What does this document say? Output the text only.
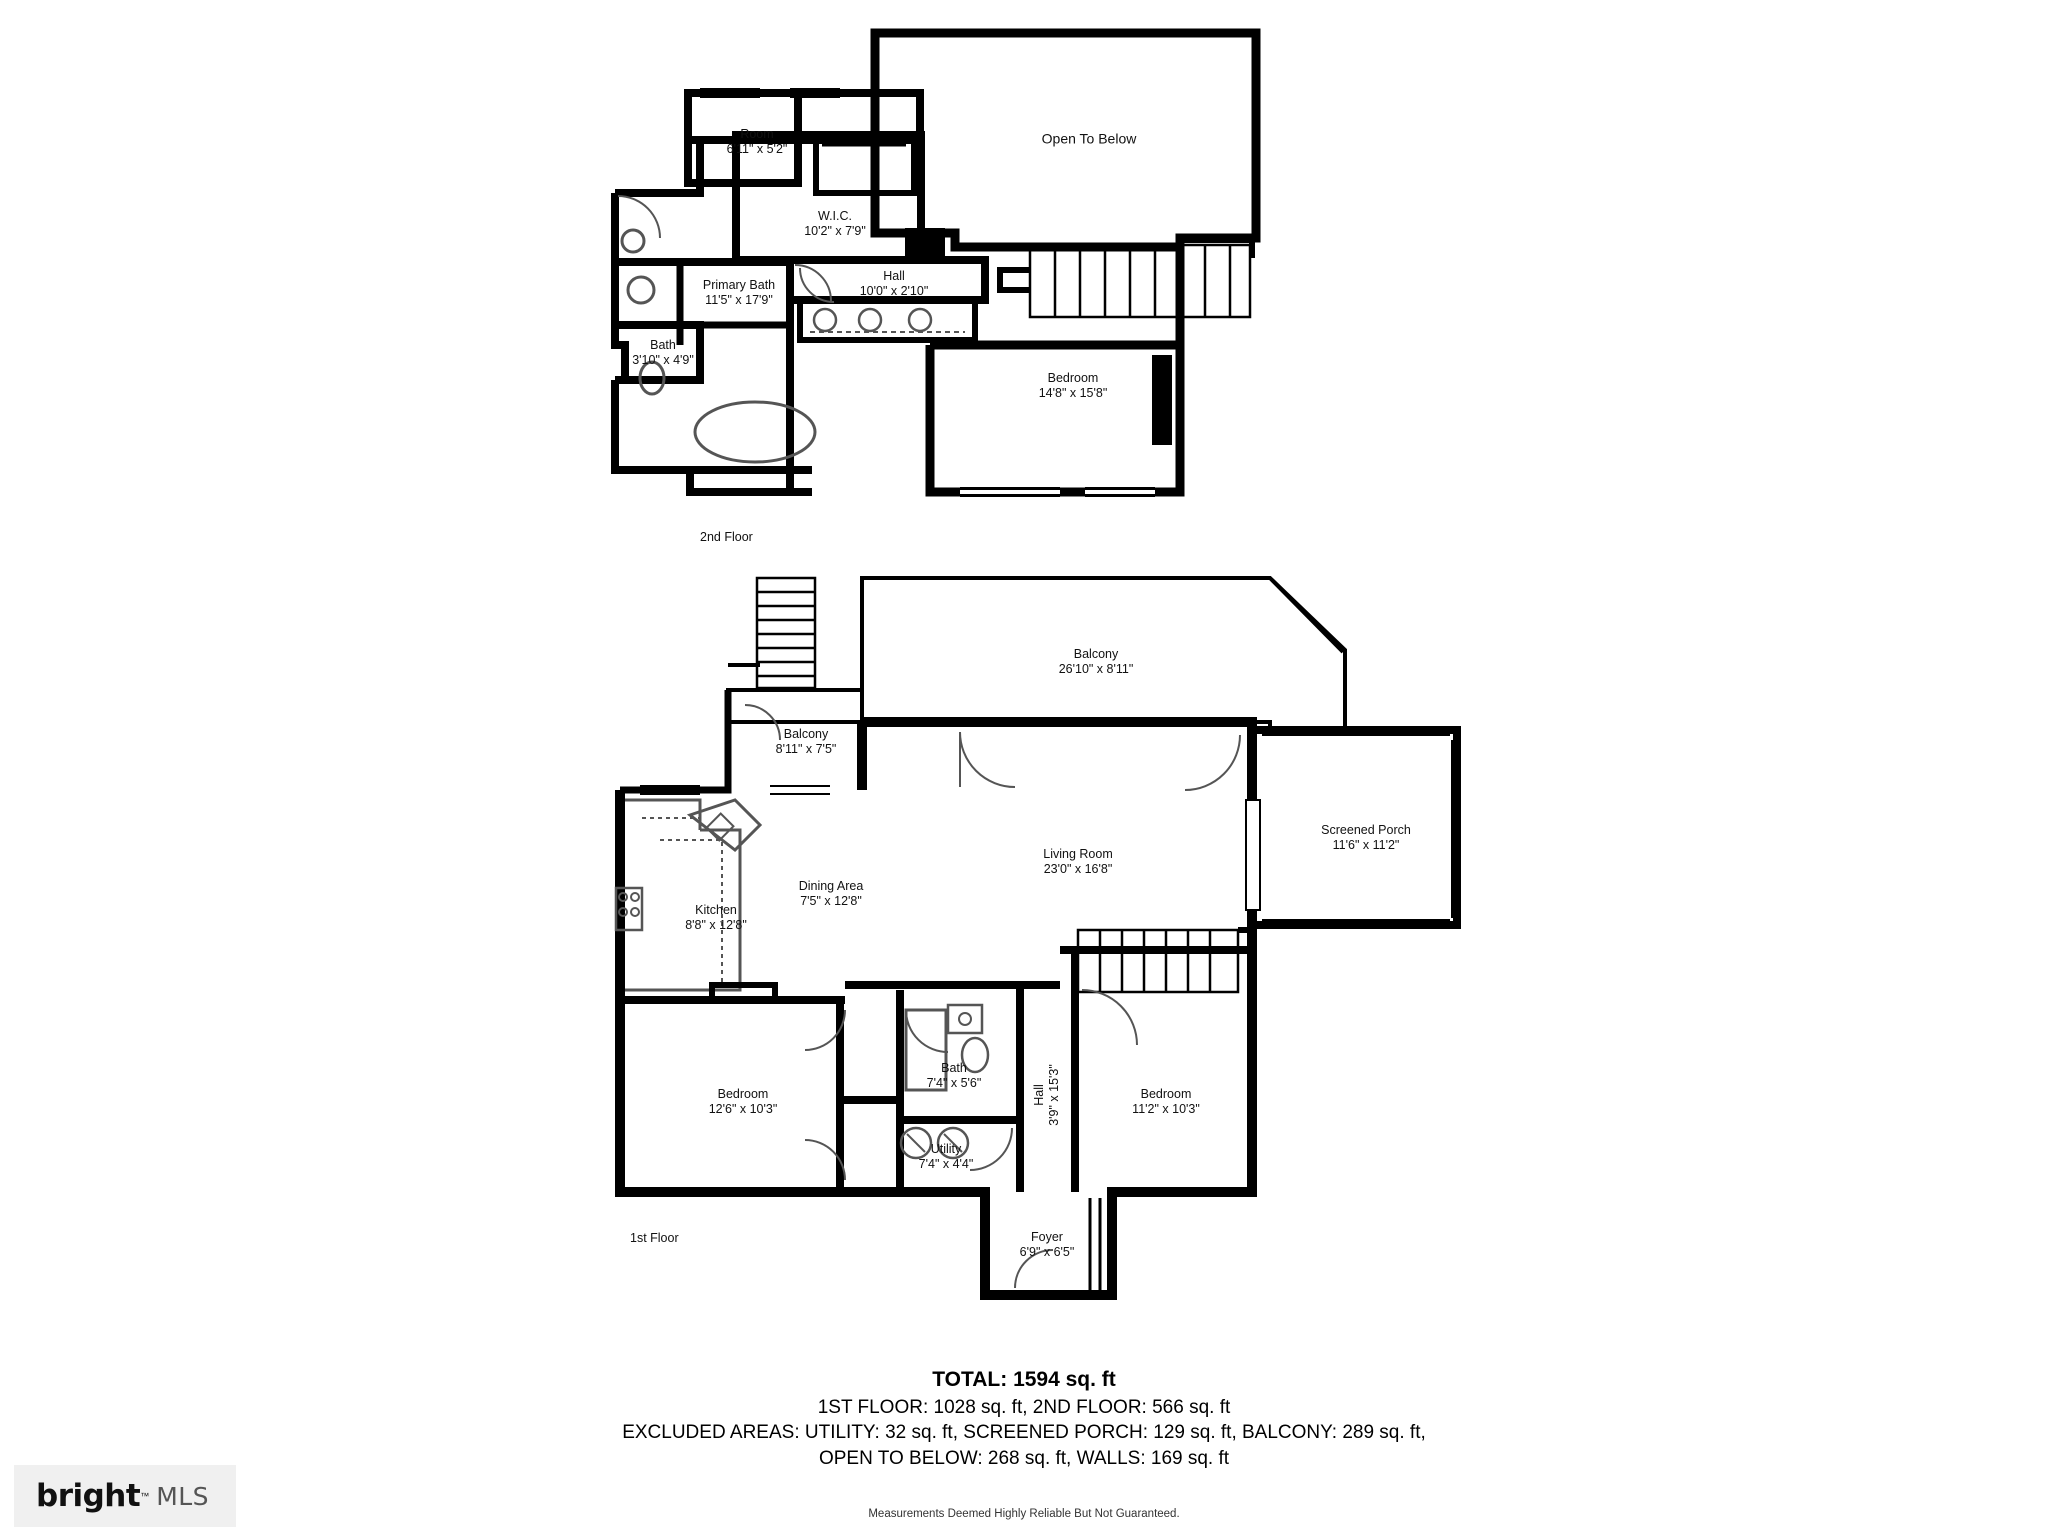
Open To Below
Room
6'11" x 5'2"
W.I.C.
10'2" x 7'9"
Hall
10'0" x 2'10"
Primary Bath
11'5" x 17'9"
Bath
3'10" x 4'9"
Bedroom
14'8" x 15'8"
Balcony
26'10" x 8'11"
Balcony
8'11" x 7'5"
Living Room
23'0" x 16'8"
Screened Porch
11'6" x 11'2"
Dining Area
7'5" x 12'8"
Kitchen
8'8" x 12'8"
Bedroom
12'6" x 10'3"
Bath
7'4" x 5'6"
Utility
7'4" x 4'4"
Bedroom
11'2" x 10'3"
Foyer
6'9" x 6'5"
Hall 3'9" x 15'3"
2nd Floor
1st Floor
TOTAL: 1594 sq. ft
1ST FLOOR: 1028 sq. ft, 2ND FLOOR: 566 sq. ft
EXCLUDED AREAS: UTILITY: 32 sq. ft, SCREENED PORCH: 129 sq. ft, BALCONY: 289 sq. ft,
OPEN TO BELOW: 268 sq. ft, WALLS: 169 sq. ft
Measurements Deemed Highly Reliable But Not Guaranteed.
bright ™ MLS
